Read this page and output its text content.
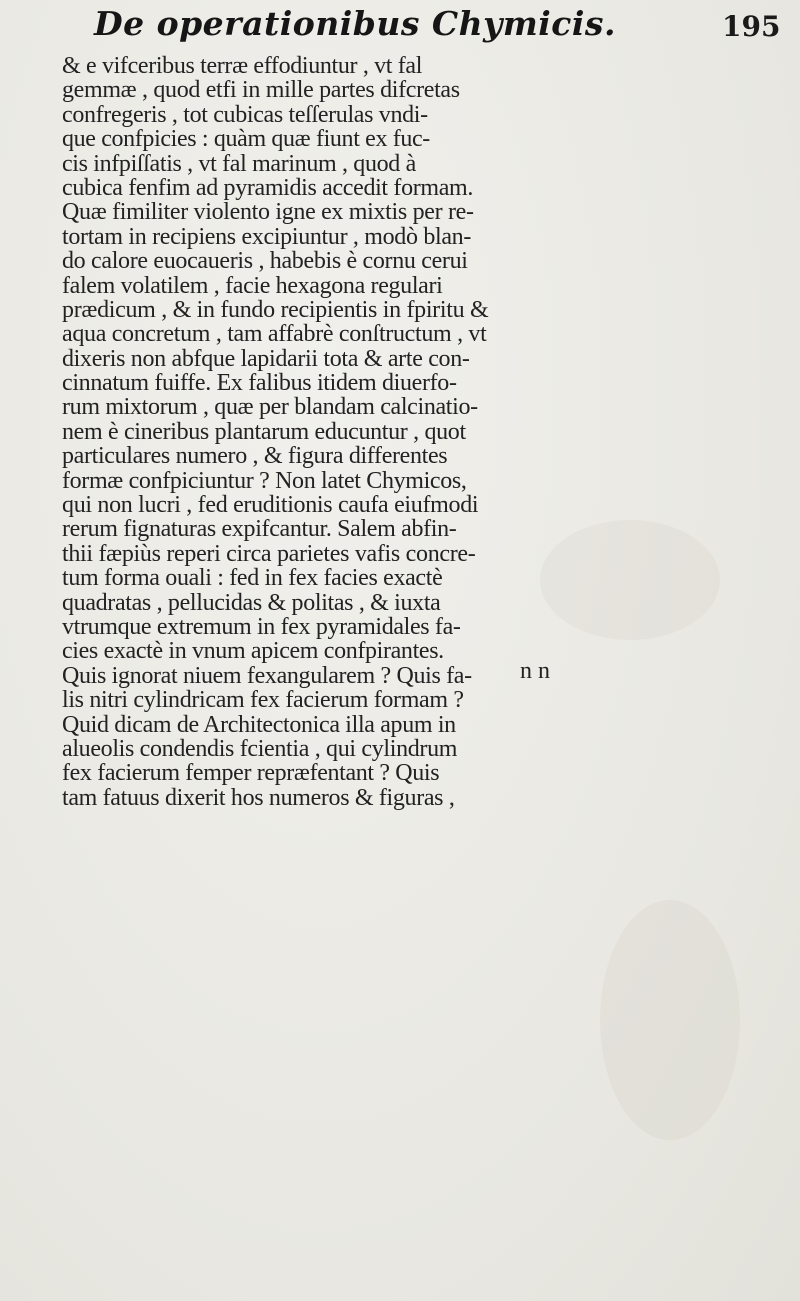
De operationibus Chymicis.	195
& e vifceribus terræ effodiuntur , vt fal
gemmæ , quod etfi in mille partes difcretas
confregeris , tot cubicas teſſerulas vndi-
que confpicies : quàm quæ fiunt ex fuc-
cis infpiſſatis , vt fal marinum , quod à
cubica fenfim ad pyramidis accedit formam.
Quæ fimiliter violento igne ex mixtis per re-
tortam in recipiens excipiuntur , modò blan-
do calore euocaueris , habebis è cornu cerui
falem volatilem , facie hexagona regulari
prædicum , & in fundo recipientis in fpiritu &
aqua concretum , tam affabrè conſtructum , vt
dixeris non abfque lapidarii tota & arte con-
cinnatum fuiffe. Ex falibus itidem diuerfo-
rum mixtorum , quæ per blandam calcinatio-
nem è cineribus plantarum educuntur , quot
particulares numero , & figura differentes
formæ confpiciuntur ? Non latet Chymicos,
qui non lucri , fed eruditionis caufa eiufmodi
rerum fignaturas expifcantur. Salem abfin-
thii fæpiùs reperi circa parietes vafis concre-
tum forma ouali : fed in fex facies exactè
quadratas , pellucidas & politas , & iuxta
vtrumque extremum in fex pyramidales fa-
cies exactè in vnum apicem confpirantes.
Quis ignorat niuem fexangularem ? Quis fa-
lis nitri cylindricam fex facierum formam ?
Quid dicam de Architectonica illa apum in
alueolis condendis fcientia , qui cylindrum
fex facierum femper repræfentant ? Quis
tam fatuus dixerit hos numeros & figuras ,
n n
